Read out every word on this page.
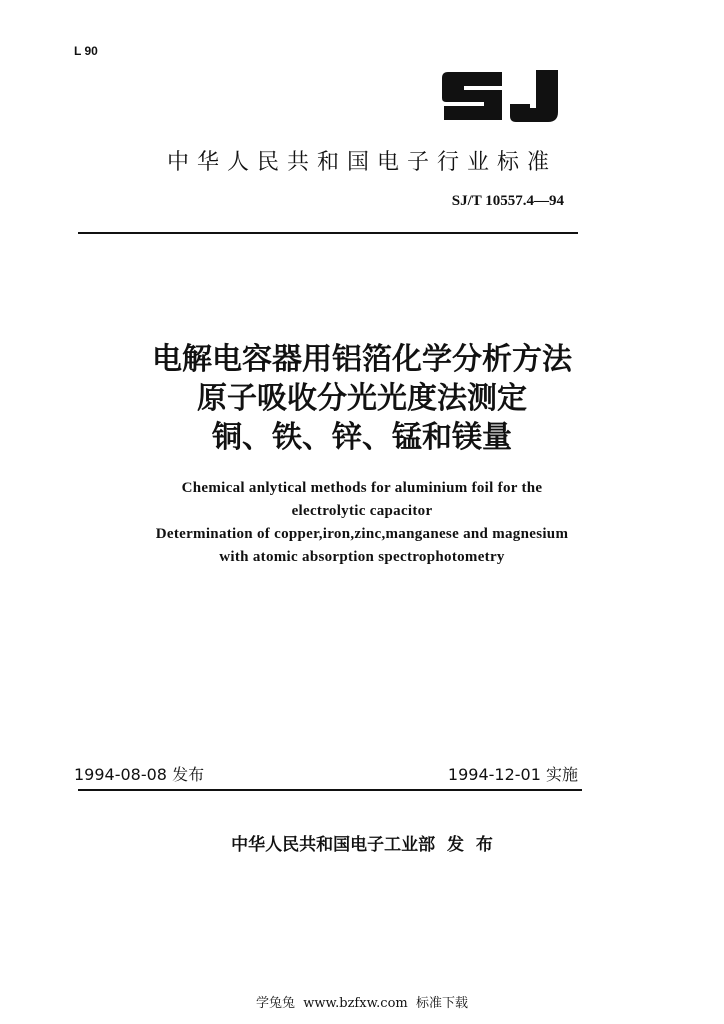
L 90
中华人民共和国电子行业标准
SJ/T 10557.4—94
电解电容器用铝箔化学分析方法
原子吸收分光光度法测定
铜、铁、锌、锰和镁量
Chemical anlytical methods for aluminium foil for the
electrolytic capacitor
Determination of copper,iron,zinc,manganese and magnesium
with atomic absorption spectrophotometry
1994-08-08 发布	1994-12-01 实施
中华人民共和国电子工业部  发  布
学兔兔  www.bzfxw.com  标准下载
